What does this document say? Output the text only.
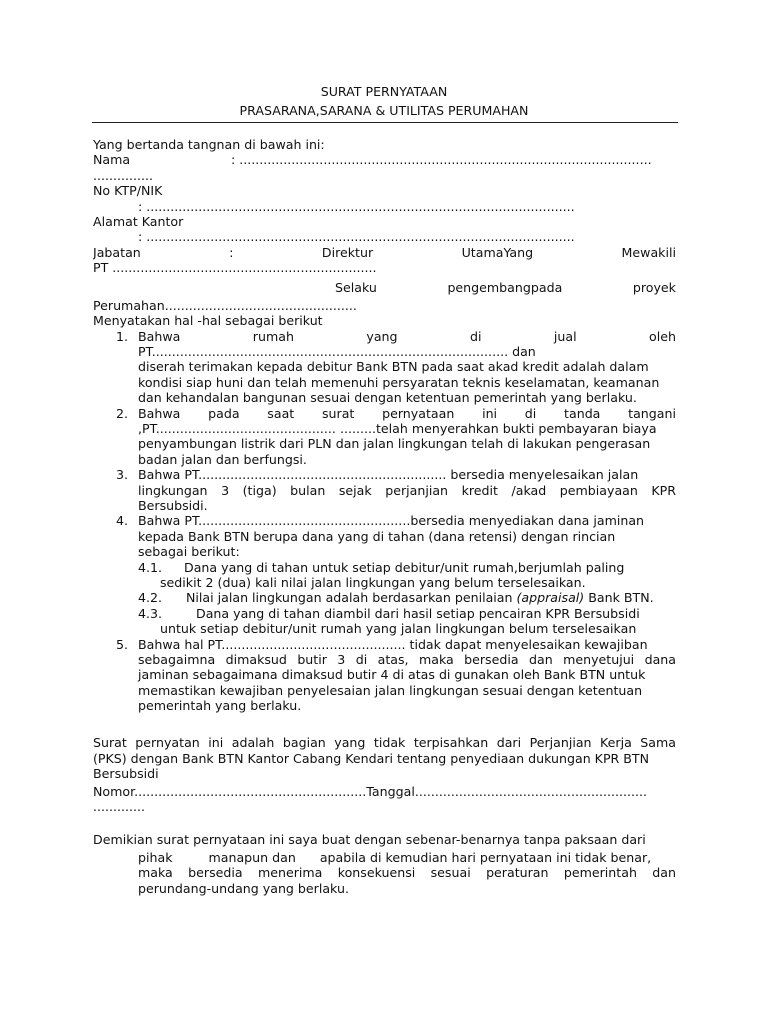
SURAT PERNYATAAN
PRASARANA,SARANA & UTILITAS PERUMAHAN
Yang bertanda tangnan di bawah ini:
Nama	: .......................................................................................................
...............
No KTP/NIK
: ...........................................................................................................
Alamat Kantor
: ...........................................................................................................
Jabatan	:	Direktur	UtamaYang	Mewakili
PT ..................................................................
Selaku	pengembangpada	proyek
Perumahan................................................
Menyatakan hal -hal sebagai berikut
1. Bahwa	rumah	yang	di	jual	oleh
PT......................................................................................... dan
diserah terimakan kepada debitur Bank BTN pada saat akad kredit adalah dalam
kondisi siap huni dan telah memenuhi persyaratan teknis keselamatan, keamanan
dan kehandalan bangunan sesuai dengan ketentuan pemerintah yang berlaku.
2. Bahwa pada saat surat pernyataan ini di tanda tangani
,PT............................................. .........telah menyerahkan bukti pembayaran biaya
penyambungan listrik dari PLN dan jalan lingkungan telah di lakukan pengerasan
badan jalan dan berfungsi.
3. Bahwa PT.............................................................. bersedia menyelesaikan jalan
lingkungan 3 (tiga) bulan sejak perjanjian kredit /akad pembiayaan KPR
Bersubsidi.
4. Bahwa PT.....................................................bersedia menyediakan dana jaminan
kepada Bank BTN berupa dana yang di tahan (dana retensi) dengan rincian
sebagai berikut:
4.1.	Dana yang di tahan untuk setiap debitur/unit rumah,berjumlah paling
sedikit 2 (dua) kali nilai jalan lingkungan yang belum terselesaikan.
4.2.	Nilai jalan lingkungan adalah berdasarkan penilaian (appraisal) Bank BTN.
4.3.	Dana yang di tahan diambil dari hasil setiap pencairan KPR Bersubsidi
untuk setiap debitur/unit rumah yang jalan lingkungan belum terselesaikan
5. Bahwa hal PT.............................................. tidak dapat menyelesaikan kewajiban
sebagaimna dimaksud butir 3 di atas, maka bersedia dan menyetujui dana
jaminan sebagaimana dimaksud butir 4 di atas di gunakan oleh Bank BTN untuk
memastikan kewajiban penyelesaian jalan lingkungan sesuai dengan ketentuan
pemerintah yang berlaku.
Surat pernyatan ini adalah bagian yang tidak terpisahkan dari Perjanjian Kerja Sama
(PKS) dengan Bank BTN Kantor Cabang Kendari tentang penyediaan dukungan KPR BTN
Bersubsidi
Nomor..........................................................Tanggal..........................................................
.............
Demikian surat pernyataan ini saya buat dengan sebenar-benarnya tanpa paksaan dari
pihak	manapun dan apabila di kemudian hari pernyataan ini tidak benar,
maka bersedia menerima konsekuensi sesuai peraturan pemerintah dan
perundang-undang yang berlaku.
